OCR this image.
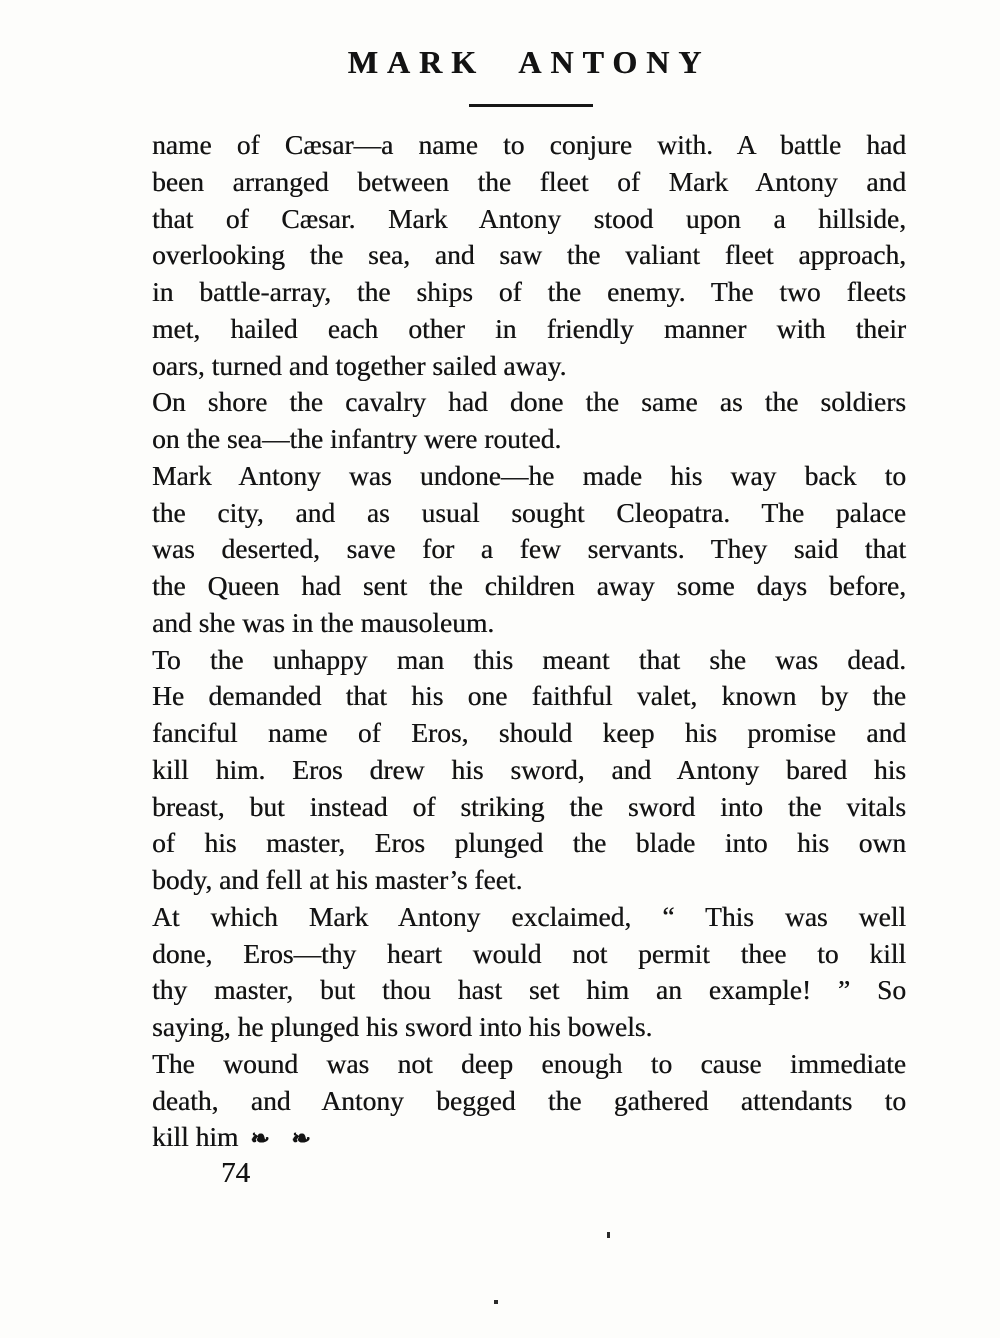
MARK ANTONY
name of Cæsar—a name to conjure with. A battle had
been arranged between the fleet of Mark Antony and
that of Cæsar. Mark Antony stood upon a hillside,
overlooking the sea, and saw the valiant fleet approach,
in battle-array, the ships of the enemy. The two fleets
met, hailed each other in friendly manner with their
oars, turned and together sailed away.
On shore the cavalry had done the same as the soldiers
on the sea—the infantry were routed.
Mark Antony was undone—he made his way back to
the city, and as usual sought Cleopatra. The palace
was deserted, save for a few servants. They said that
the Queen had sent the children away some days before,
and she was in the mausoleum.
To the unhappy man this meant that she was dead.
He demanded that his one faithful valet, known by the
fanciful name of Eros, should keep his promise and
kill him. Eros drew his sword, and Antony bared his
breast, but instead of striking the sword into the vitals
of his master, Eros plunged the blade into his own
body, and fell at his master’s feet.
At which Mark Antony exclaimed, “ This was well
done, Eros—thy heart would not permit thee to kill
thy master, but thou hast set him an example! ” So
saying, he plunged his sword into his bowels.
The wound was not deep enough to cause immediate
death, and Antony begged the gathered attendants to
kill him ❧ ❧
74
